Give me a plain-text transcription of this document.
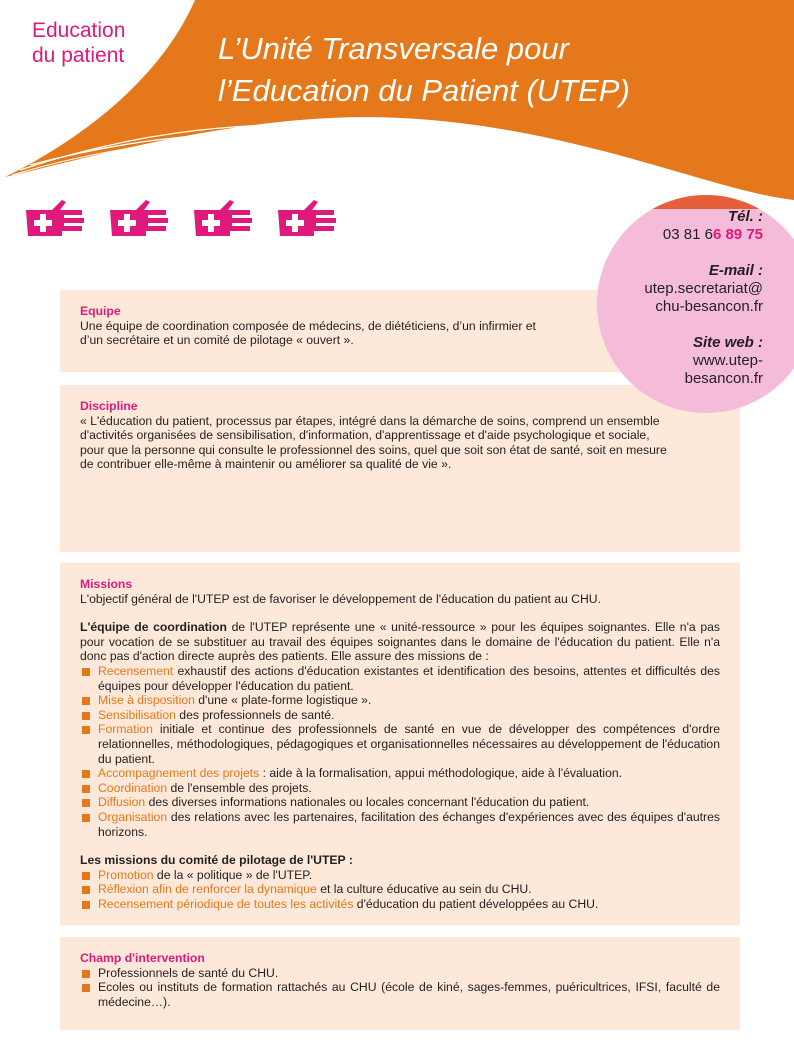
Education
du patient	L’Unité Transversale pour
l’Education du Patient (UTEP)
Equipe

Une équipe de coordination composée de médecins, de diététiciens, d’un infirmier et d’un secrétaire et un comité de pilotage « ouvert ».

Discipline

« L'éducation du patient, processus par étapes, intégré dans la démarche de soins, comprend un ensemble d'activités organisées de sensibilisation, d'information, d'apprentissage et d'aide psychologique et sociale, pour que la personne qui consulte le professionnel des soins, quel que soit son état de santé, soit en mesure de contribuer elle-même à maintenir ou améliorer sa qualité de vie ».

Tél. :
03 81 66 89 75
E-mail :
utep.secretariat@
chu-besancon.fr
Site web :
www.utep-
besancon.fr
Missions

L'objectif général de l'UTEP est de favoriser le développement de l'éducation du patient au CHU.

L'équipe de coordination de l'UTEP représente une « unité-ressource » pour les équipes soignantes. Elle n'a pas pour vocation de se substituer au travail des équipes soignantes dans le domaine de l'éducation du patient. Elle n'a donc pas d'action directe auprès des patients. Elle assure des missions de :

Recensement exhaustif des actions d'éducation existantes et identification des besoins, attentes et difficultés des équipes pour développer l'éducation du patient.
Mise à disposition d'une « plate-forme logistique ».
Sensibilisation des professionnels de santé.
Formation initiale et continue des professionnels de santé en vue de développer des compétences d'ordre relationnelles, méthodologiques, pédagogiques et organisationnelles nécessaires au développement de l'éducation du patient.
Accompagnement des projets : aide à la formalisation, appui méthodologique, aide à l'évaluation.
Coordination de l'ensemble des projets.
Diffusion des diverses informations nationales ou locales concernant l'éducation du patient.
Organisation des relations avec les partenaires, facilitation des échanges d'expériences avec des équipes d'autres horizons.

Les missions du comité de pilotage de l'UTEP :

Promotion de la « politique » de l'UTEP.
Réflexion afin de renforcer la dynamique et la culture éducative au sein du CHU.
Recensement périodique de toutes les activités d'éducation du patient développées au CHU.
Champ d'intervention
Professionnels de santé du CHU.
Ecoles ou instituts de formation rattachés au CHU (école de kiné, sages-femmes, puéricultrices, IFSI, faculté de médecine…).
